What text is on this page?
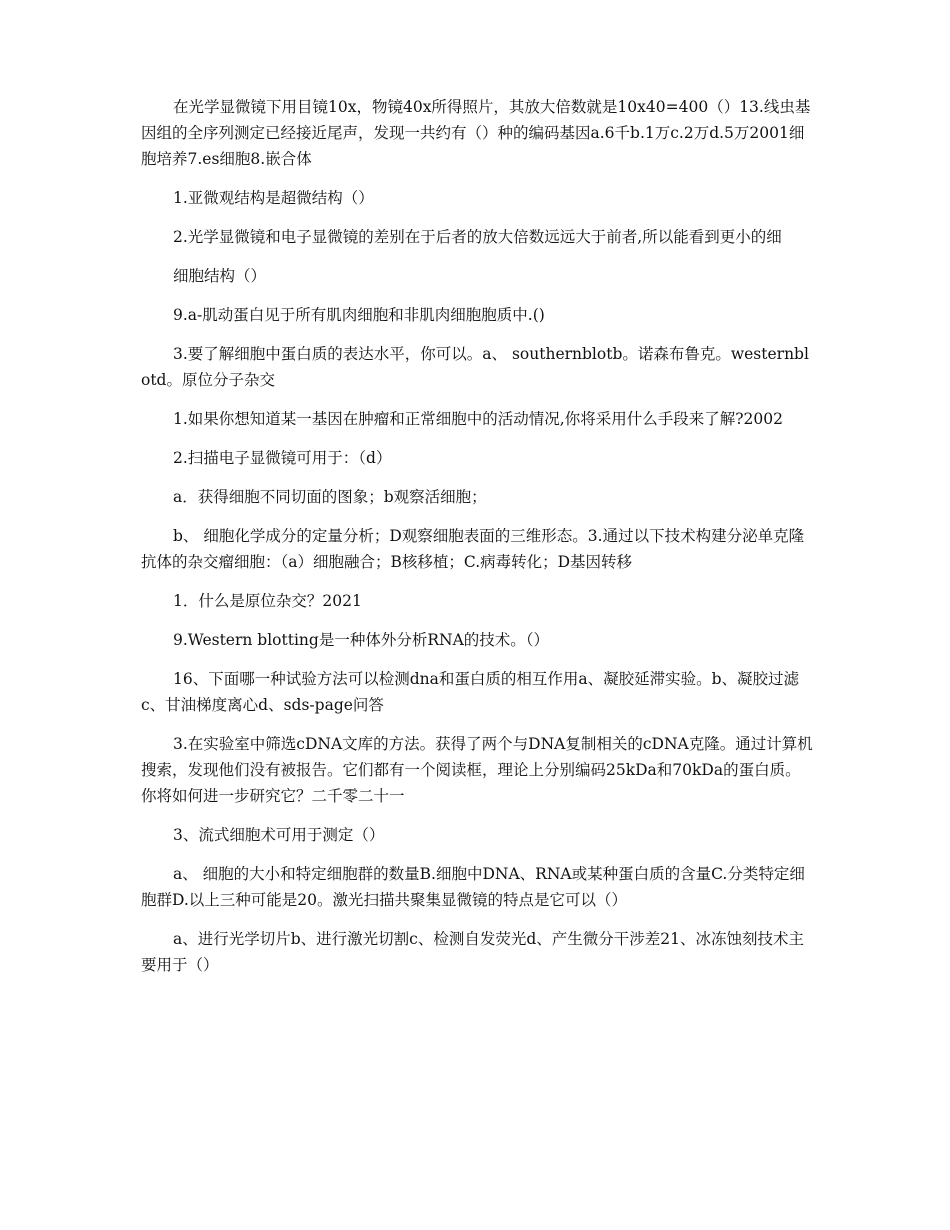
在光学显微镜下用目镜10x，物镜40x所得照片，其放大倍数就是10x40=400（）13.线虫基因组的全序列测定已经接近尾声，发现一共约有（）种的编码基因a.6千b.1万c.2万d.5万2001细胞培养7.es细胞8.嵌合体

1.亚微观结构是超微结构（）

2.光学显微镜和电子显微镜的差别在于后者的放大倍数远远大于前者,所以能看到更小的细

细胞结构（）

9.a-肌动蛋白见于所有肌肉细胞和非肌肉细胞胞质中.()

3.要了解细胞中蛋白质的表达水平，你可以。a、 southernblotb。诺森布鲁克。westernblotd。原位分子杂交

1.如果你想知道某一基因在肿瘤和正常细胞中的活动情况,你将采用什么手段来了解?2002

2.扫描电子显微镜可用于：（d）

a．获得细胞不同切面的图象；b观察活细胞；

b、 细胞化学成分的定量分析；D观察细胞表面的三维形态。3.通过以下技术构建分泌单克隆抗体的杂交瘤细胞：（a）细胞融合；B核移植；C.病毒转化；D基因转移

1．什么是原位杂交？2021

9.Western blotting是一种体外分析RNA的技术。（）

16、下面哪一种试验方法可以检测dna和蛋白质的相互作用a、凝胶延滞实验。b、凝胶过滤c、甘油梯度离心d、sds-page问答

3.在实验室中筛选cDNA文库的方法。获得了两个与DNA复制相关的cDNA克隆。通过计算机搜索，发现他们没有被报告。它们都有一个阅读框，理论上分别编码25kDa和70kDa的蛋白质。你将如何进一步研究它？二千零二十一

3、流式细胞术可用于测定（）

a、 细胞的大小和特定细胞群的数量B.细胞中DNA、RNA或某种蛋白质的含量C.分类特定细胞群D.以上三种可能是20。激光扫描共聚集显微镜的特点是它可以（）

a、进行光学切片b、进行激光切割c、检测自发荧光d、产生微分干涉差21、冰冻蚀刻技术主要用于（）
